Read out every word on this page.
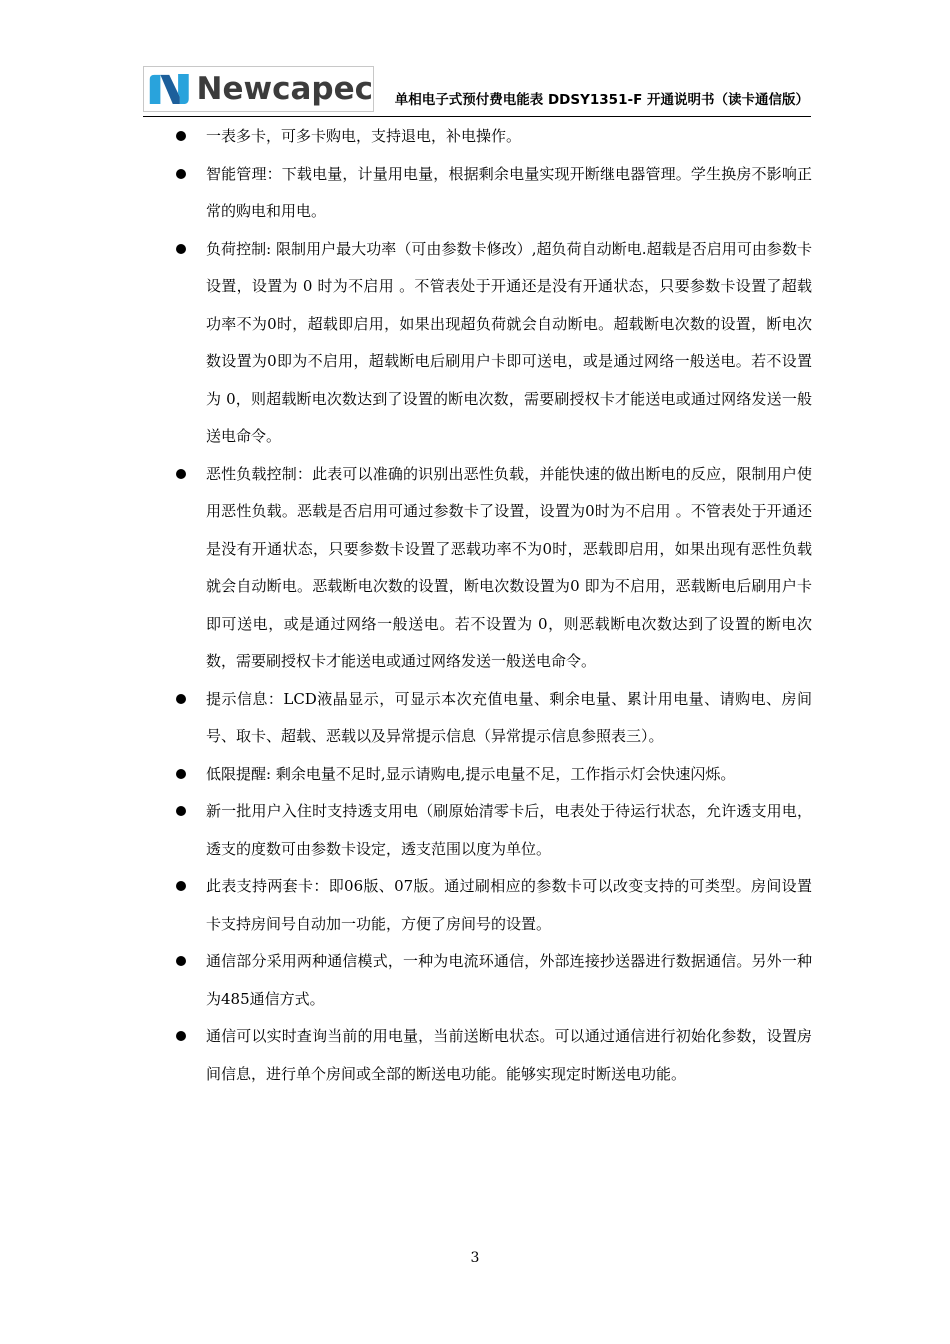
Newcapec 单相电子式预付费电能表 DDSY1351-F 开通说明书（读卡通信版）
一表多卡，可多卡购电，支持退电，补电操作。
智能管理：下载电量，计量用电量，根据剩余电量实现开断继电器管理。学生换房不影响正常的购电和用电。
负荷控制: 限制用户最大功率（可由参数卡修改）,超负荷自动断电.超载是否启用可由参数卡设置，设置为 0 时为不启用 。不管表处于开通还是没有开通状态，只要参数卡设置了超载功率不为0时，超载即启用，如果出现超负荷就会自动断电。超载断电次数的设置，断电次数设置为0即为不启用，超载断电后刷用户卡即可送电，或是通过网络一般送电。若不设置为 0，则超载断电次数达到了设置的断电次数，需要刷授权卡才能送电或通过网络发送一般送电命令。
恶性负载控制：此表可以准确的识别出恶性负载，并能快速的做出断电的反应，限制用户使用恶性负载。恶载是否启用可通过参数卡了设置，设置为0时为不启用 。不管表处于开通还是没有开通状态，只要参数卡设置了恶载功率不为0时，恶载即启用，如果出现有恶性负载就会自动断电。恶载断电次数的设置，断电次数设置为0 即为不启用，恶载断电后刷用户卡即可送电，或是通过网络一般送电。若不设置为 0，则恶载断电次数达到了设置的断电次数，需要刷授权卡才能送电或通过网络发送一般送电命令。
提示信息：LCD液晶显示，可显示本次充值电量、剩余电量、累计用电量、请购电、房间号、取卡、超载、恶载以及异常提示信息（异常提示信息参照表三）。
低限提醒: 剩余电量不足时,显示请购电,提示电量不足，工作指示灯会快速闪烁。
新一批用户入住时支持透支用电（刷原始清零卡后，电表处于待运行状态，允许透支用电，透支的度数可由参数卡设定，透支范围以度为单位。
此表支持两套卡：即06版、07版。通过刷相应的参数卡可以改变支持的可类型。房间设置卡支持房间号自动加一功能，方便了房间号的设置。
通信部分采用两种通信模式，一种为电流环通信，外部连接抄送器进行数据通信。另外一种为485通信方式。
通信可以实时查询当前的用电量，当前送断电状态。可以通过通信进行初始化参数，设置房间信息，进行单个房间或全部的断送电功能。能够实现定时断送电功能。
3
